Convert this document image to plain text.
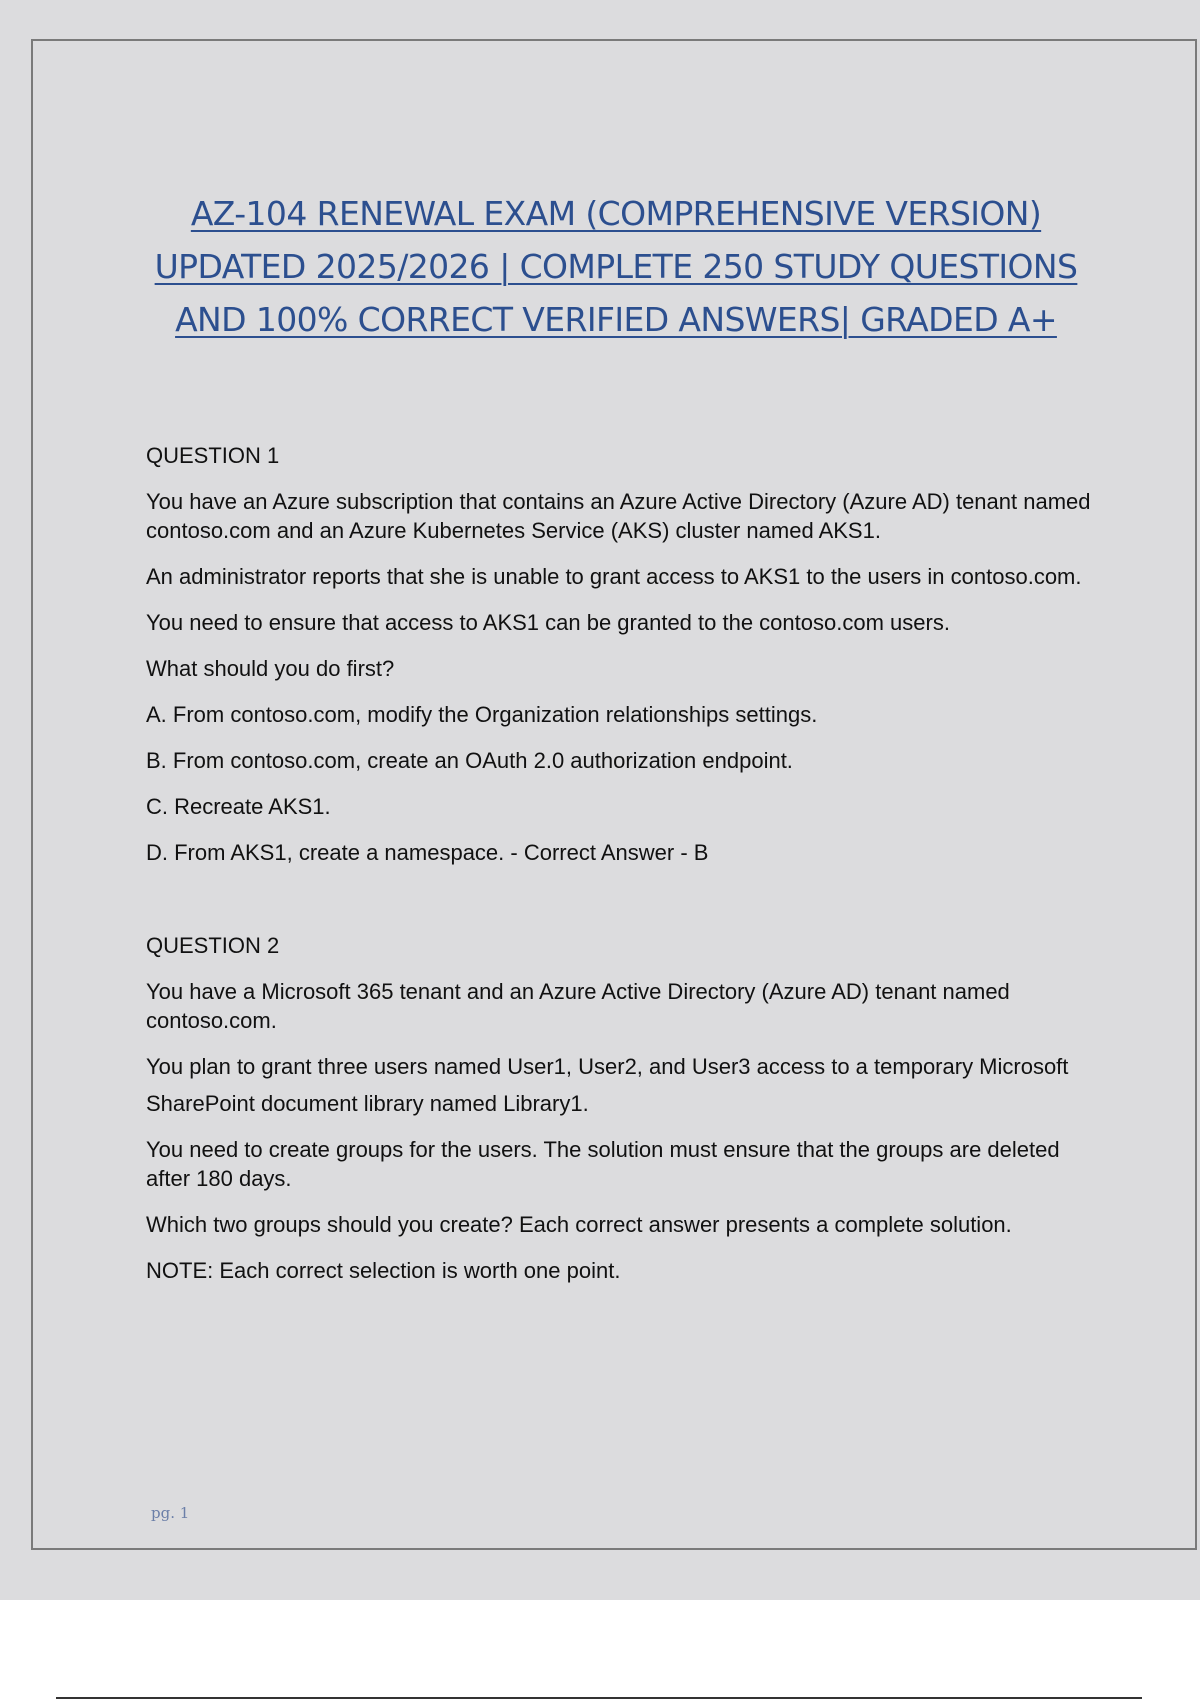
AZ-104 RENEWAL EXAM (COMPREHENSIVE VERSION)
UPDATED 2025/2026 | COMPLETE 250 STUDY QUESTIONS
AND 100% CORRECT VERIFIED ANSWERS| GRADED A+

QUESTION 1

You have an Azure subscription that contains an Azure Active Directory (Azure AD) tenant named contoso.com and an Azure Kubernetes Service (AKS) cluster named AKS1.

An administrator reports that she is unable to grant access to AKS1 to the users in contoso.com.

You need to ensure that access to AKS1 can be granted to the contoso.com users.

What should you do first?

A. From contoso.com, modify the Organization relationships settings.

B. From contoso.com, create an OAuth 2.0 authorization endpoint.

C. Recreate AKS1.

D. From AKS1, create a namespace. - Correct Answer - B

QUESTION 2

You have a Microsoft 365 tenant and an Azure Active Directory (Azure AD) tenant named contoso.com.

You plan to grant three users named User1, User2, and User3 access to a temporary Microsoft

SharePoint document library named Library1.

You need to create groups for the users. The solution must ensure that the groups are deleted after 180 days.

Which two groups should you create? Each correct answer presents a complete solution.

NOTE: Each correct selection is worth one point.

pg. 1
